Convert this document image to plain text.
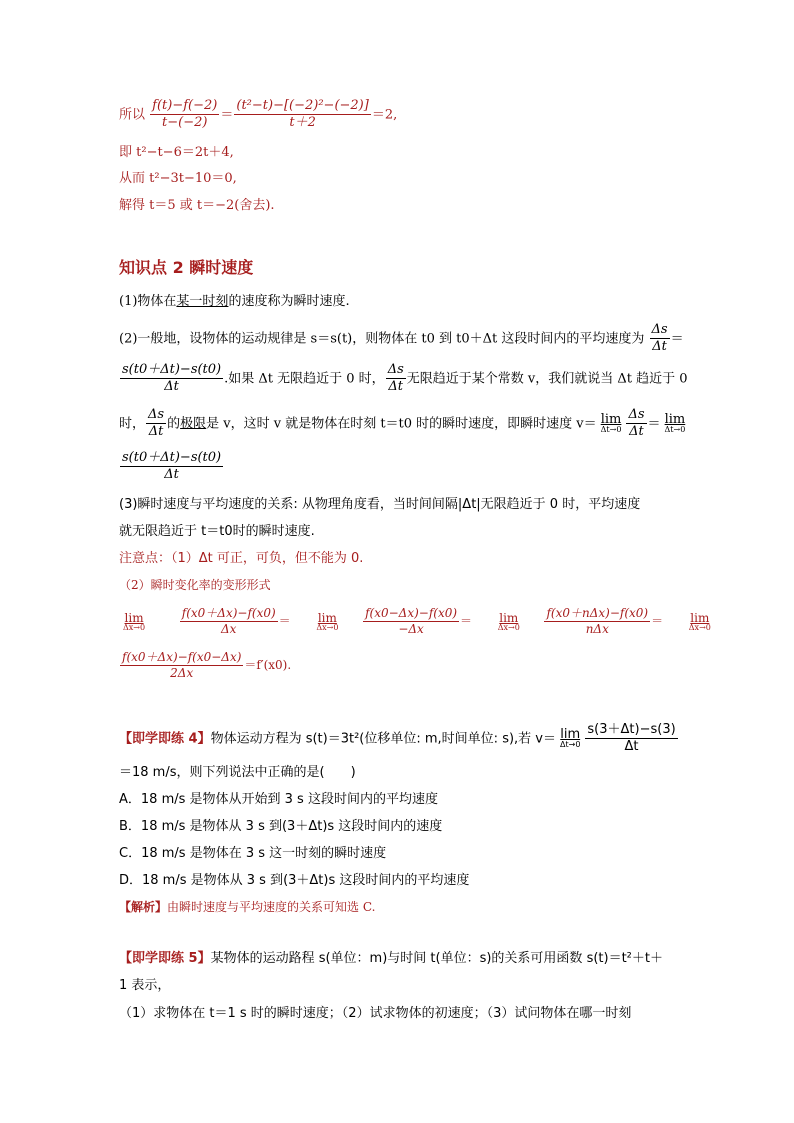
所以 $\frac{f(t)-f(-2)}{t-(-2)} = \frac{\text{(t²−t)−[(−2)²−(−2)]}}{t+2} =2$,
即 t²−t−6＝2t＋4,
从而 t²−3t−10＝0,
解得 t＝5 或 t＝−2(舍去).
知识点 2 瞬时速度
(1)物体在某一时刻的速度称为瞬时速度.
(2)一般地，设物体的运动规律是 s＝s(t)，则物体在 t0 到 t0＋Δt 这段时间内的平均速度为 $\frac{\Delta s}{\Delta t}$ ＝
$\frac{s(t0+\Delta t)-s(t0)}{\Delta t}$ .如果 Δt 无限趋近于 0 时， $\frac{\Delta s}{\Delta t}$ 无限趋近于某个常数 v，我们就说当 Δt 趋近于 0
时， $\frac{\Delta s}{\Delta t}$ 的极限是 v，这时 v 就是物体在时刻 t＝t0 时的瞬时速度，即瞬时速度 v＝ lim
$\Delta t\to 0 \frac{\Delta s}{\Delta t} = \lim$
Δt→0
$\frac{s(t0+\Delta t)-s(t0)}{\Delta t}$
(3)瞬时速度与平均速度的关系: 从物理角度看，当时间间隔|Δt|无限趋近于 0 时，平均速度
就无限趋近于 t＝t0时的瞬时速度.
注意点：（1）Δt 可正，可负，但不能为 0.
（2）瞬时变化率的变形形式
lim
Δx→0
	$\frac{f(x0+\Delta x)-f(x0)}{\Delta x} = \lim$
Δx→0
$\frac{f(x0-\Delta x)-f(x0)}{-\Delta x} = \lim$
Δx→0
$\frac{\text{f(x0＋nΔx)−f(x0)}}{\text{nΔx}} = \lim$
Δx→0
$\frac{f(x0+\Delta x)-f(x0-\Delta x)}{2\Delta x} =f'(x0)$.
【即学即练 4】物体运动方程为 s(t)＝3t²(位移单位: m,时间单位: s),若 v＝ lim
$\Delta t\to 0 \frac{s(3+\Delta t)-s(3)}{\Delta t}$
＝18 m/s，则下列说法中正确的是(　　)
A．18 m/s 是物体从开始到 3 s 这段时间内的平均速度
B．18 m/s 是物体从 3 s 到(3＋Δt)s 这段时间内的速度
C．18 m/s 是物体在 3 s 这一时刻的瞬时速度
D．18 m/s 是物体从 3 s 到(3＋Δt)s 这段时间内的平均速度
【解析】由瞬时速度与平均速度的关系可知选 C.
【即学即练 5】某物体的运动路程 s(单位：m)与时间 t(单位：s)的关系可用函数 s(t)＝t²＋t＋
1 表示，
（1）求物体在 t＝1 s 时的瞬时速度；（2）试求物体的初速度；（3）试问物体在哪一时刻
